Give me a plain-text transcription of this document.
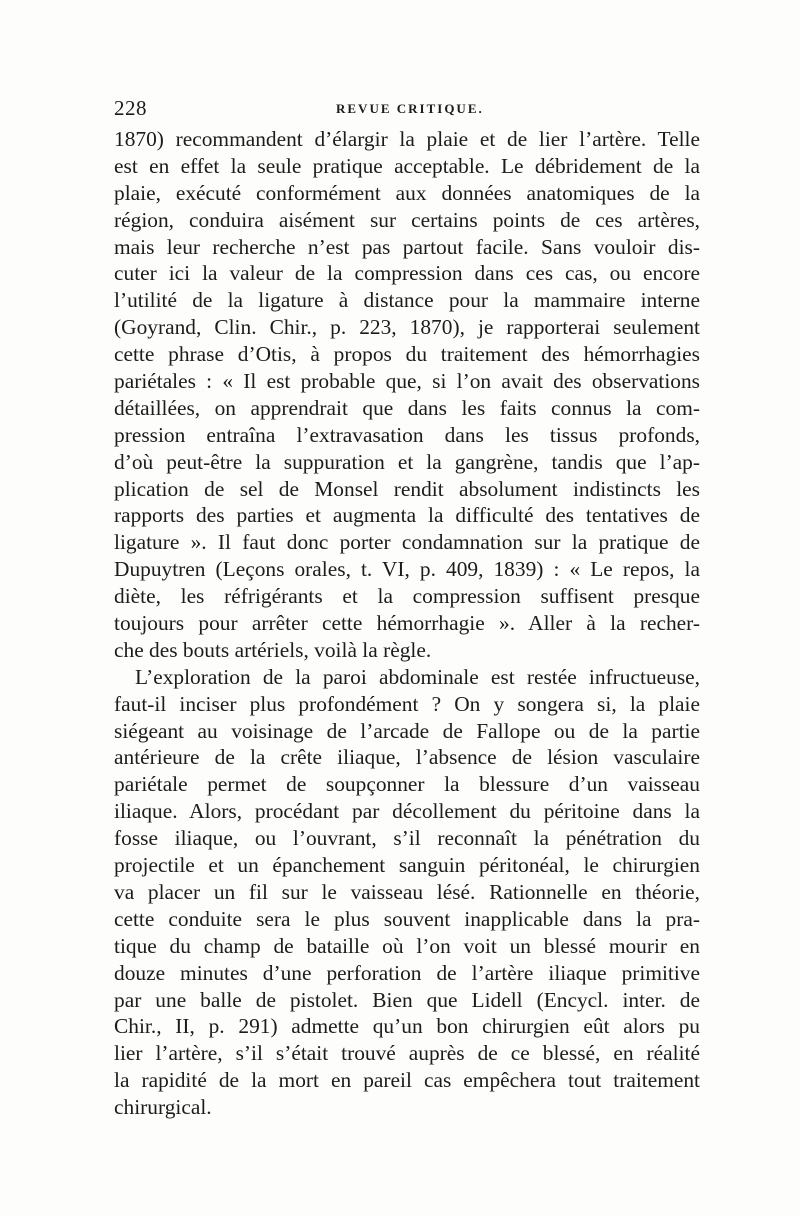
228	REVUE CRITIQUE.
1870) recommandent d’élargir la plaie et de lier l’artère. Telle
est en effet la seule pratique acceptable. Le débridement de la
plaie, exécuté conformément aux données anatomiques de la
région, conduira aisément sur certains points de ces artères,
mais leur recherche n’est pas partout facile. Sans vouloir dis-
cuter ici la valeur de la compression dans ces cas, ou encore
l’utilité de la ligature à distance pour la mammaire interne
(Goyrand, Clin. Chir., p. 223, 1870), je rapporterai seulement
cette phrase d’Otis, à propos du traitement des hémorrhagies
pariétales : « Il est probable que, si l’on avait des observations
détaillées, on apprendrait que dans les faits connus la com-
pression entraîna l’extravasation dans les tissus profonds,
d’où peut-être la suppuration et la gangrène, tandis que l’ap-
plication de sel de Monsel rendit absolument indistincts les
rapports des parties et augmenta la difficulté des tentatives de
ligature ». Il faut donc porter condamnation sur la pratique de
Dupuytren (Leçons orales, t. VI, p. 409, 1839) : « Le repos, la
diète, les réfrigérants et la compression suffisent presque
toujours pour arrêter cette hémorrhagie ». Aller à la recher-
che des bouts artériels, voilà la règle.
L’exploration de la paroi abdominale est restée infructueuse,
faut-il inciser plus profondément ? On y songera si, la plaie
siégeant au voisinage de l’arcade de Fallope ou de la partie
antérieure de la crête iliaque, l’absence de lésion vasculaire
pariétale permet de soupçonner la blessure d’un vaisseau
iliaque. Alors, procédant par décollement du péritoine dans la
fosse iliaque, ou l’ouvrant, s’il reconnaît la pénétration du
projectile et un épanchement sanguin péritonéal, le chirurgien
va placer un fil sur le vaisseau lésé. Rationnelle en théorie,
cette conduite sera le plus souvent inapplicable dans la pra-
tique du champ de bataille où l’on voit un blessé mourir en
douze minutes d’une perforation de l’artère iliaque primitive
par une balle de pistolet. Bien que Lidell (Encycl. inter. de
Chir., II, p. 291) admette qu’un bon chirurgien eût alors pu
lier l’artère, s’il s’était trouvé auprès de ce blessé, en réalité
la rapidité de la mort en pareil cas empêchera tout traitement
chirurgical.
